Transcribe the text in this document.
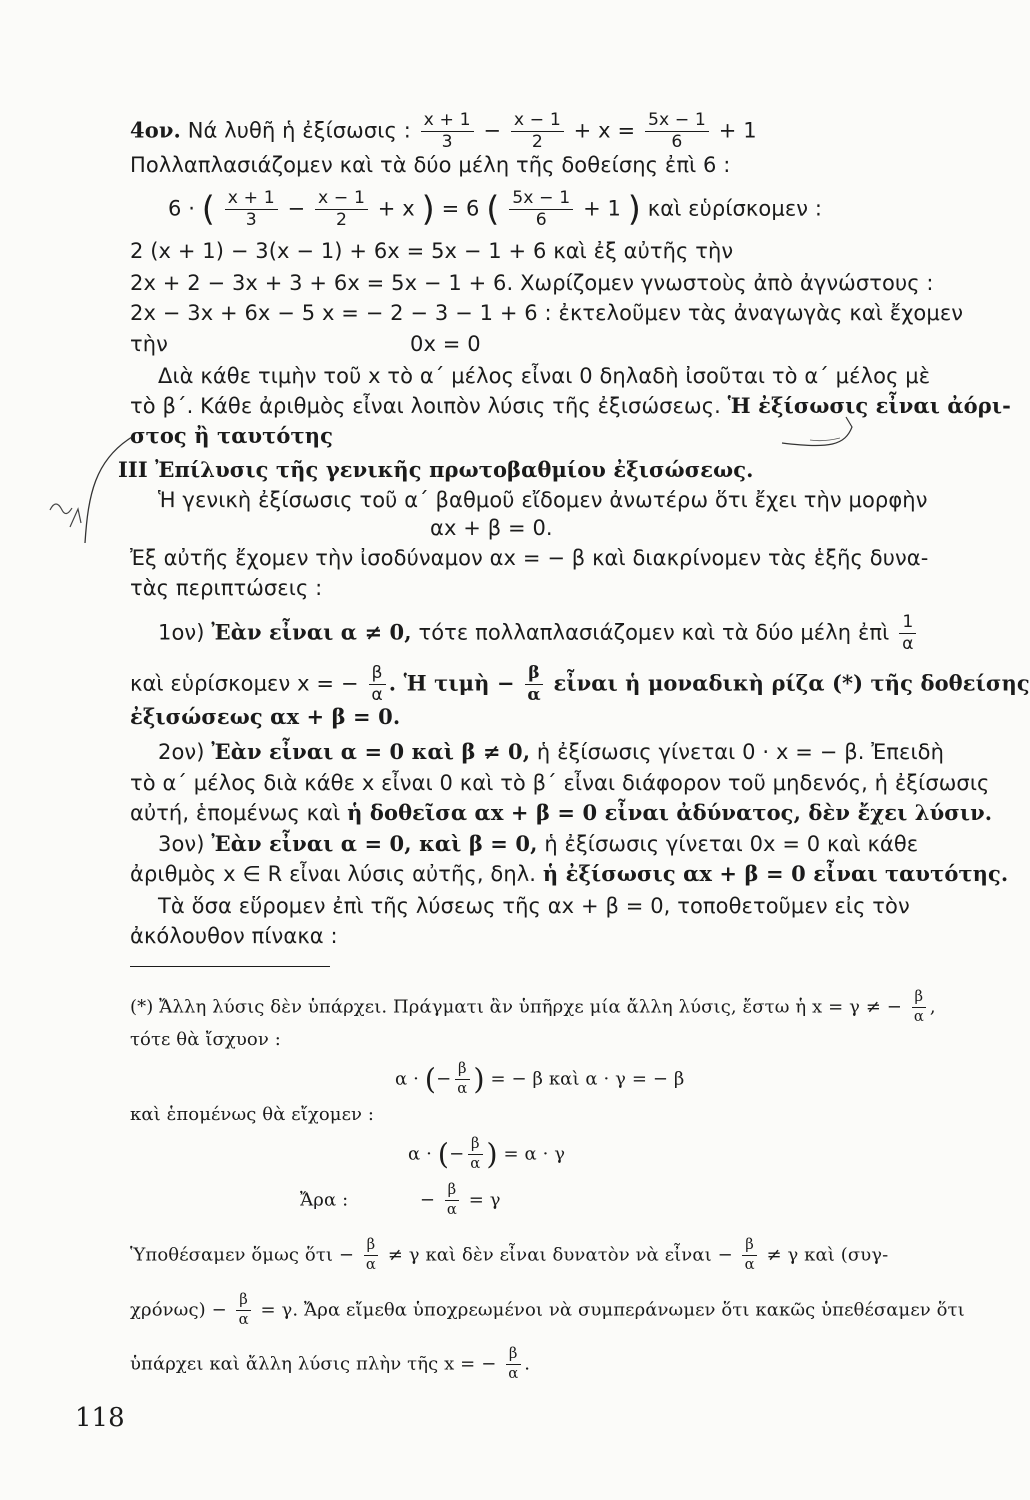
4ον. Νά λυθῆ ἡ ἐξίσωσις : $\frac{x + 1}{3} - \frac{x - 1}{2} + x = \frac{5x - 1}{6} + 1$
Πολλαπλασιάζομεν καὶ τὰ δύο μέλη τῆς δοθείσης ἐπὶ 6 :
6 · ( $\frac{x + 1}{3} - \frac{x - 1}{2} + x$ ) = 6 ( $\frac{5x - 1}{6} + 1$ ) καὶ εὑρίσκομεν :
2 (x + 1) − 3(x − 1) + 6x = 5x − 1 + 6 καὶ ἐξ αὐτῆς τὴν
2x + 2 − 3x + 3 + 6x = 5x − 1 + 6. Χωρίζομεν γνωστοὺς ἀπὸ ἀγνώστους :
2x − 3x + 6x − 5 x = − 2 − 3 − 1 + 6 : ἐκτελοῦμεν τὰς ἀναγωγὰς καὶ ἔχομεν
τὴν	0x = 0
Διὰ κάθε τιμὴν τοῦ x τὸ α΄ μέλος εἶναι 0 δηλαδὴ ἰσοῦται τὸ α΄ μέλος μὲ
τὸ β΄. Κάθε ἀριθμὸς εἶναι λοιπὸν λύσις τῆς ἐξισώσεως. Ἡ ἐξίσωσις εἶναι ἀόρι-
στος ἢ ταυτότης
ΙΙΙ Ἐπίλυσις τῆς γενικῆς πρωτοβαθμίου ἐξισώσεως.
Ἡ γενικὴ ἐξίσωσις τοῦ α΄ βαθμοῦ εἴδομεν ἀνωτέρω ὅτι ἔχει τὴν μορφὴν
αx + β = 0.
Ἐξ αὐτῆς ἔχομεν τὴν ἰσοδύναμον αx = − β καὶ διακρίνομεν τὰς ἑξῆς δυνα-
τὰς περιπτώσεις :
1ον) Ἐὰν εἶναι α ≠ 0, τότε πολλαπλασιάζομεν καὶ τὰ δύο μέλη ἐπὶ $\frac{1}{\alpha}$
καὶ εὑρίσκομεν x = − $\frac{\beta}{\alpha}$ . Ἡ τιμὴ − $\frac{\beta}{\alpha}$ εἶναι ἡ μοναδικὴ ρίζα (*) τῆς δοθείσης
ἐξισώσεως αx + β = 0.
2ον) Ἐὰν εἶναι α = 0 καὶ β ≠ 0, ἡ ἐξίσωσις γίνεται 0 · x = − β. Ἐπειδὴ
τὸ α΄ μέλος διὰ κάθε x εἶναι 0 καὶ τὸ β΄ εἶναι διάφορον τοῦ μηδενός, ἡ ἐξίσωσις
αὐτή, ἑπομένως καὶ ἡ δοθεῖσα αx + β = 0 εἶναι ἀδύνατος, δὲν ἔχει λύσιν.
3ον) Ἐὰν εἶναι α = 0, καὶ β = 0, ἡ ἐξίσωσις γίνεται 0x = 0 καὶ κάθε
ἀριθμὸς x ∈ R εἶναι λύσις αὐτῆς, δηλ. ἡ ἐξίσωσις αx + β = 0 εἶναι ταυτότης.
Τὰ ὅσα εὕρομεν ἐπὶ τῆς λύσεως τῆς αx + β = 0, τοποθετοῦμεν εἰς τὸν
ἀκόλουθον πίνακα :
(*) Ἄλλη λύσις δὲν ὑπάρχει. Πράγματι ἂν ὑπῆρχε μία ἄλλη λύσις, ἔστω ἡ x = γ ≠ − $\frac{\beta}{\alpha}$ ,
τότε θὰ ἴσχυον :
α · (− $\frac{\beta}{\alpha}$ ) = − β καὶ α · γ = − β
καὶ ἑπομένως θὰ εἴχομεν :
α · (− $\frac{\beta}{\alpha}$ ) = α · γ
Ἄρα :	− $\frac{\beta}{\alpha} = \gamma$
Ὑποθέσαμεν ὅμως ὅτι − $\frac{\beta}{\alpha} \ne \gamma$ καὶ δὲν εἶναι δυνατὸν νὰ εἶναι − $\frac{\beta}{\alpha} \ne \gamma$ καὶ (συγ-
$\chi\rho ό\nu\omega\varsigma) - \frac{\beta}{\alpha} = \gamma$. Ἄρα εἴμεθα ὑποχρεωμένοι νὰ συμπεράνωμεν ὅτι κακῶς ὑπεθέσαμεν ὅτι
ὑπάρχει καὶ ἄλλη λύσις πλὴν τῆς x = − $\frac{\beta}{\alpha}$ .
118
